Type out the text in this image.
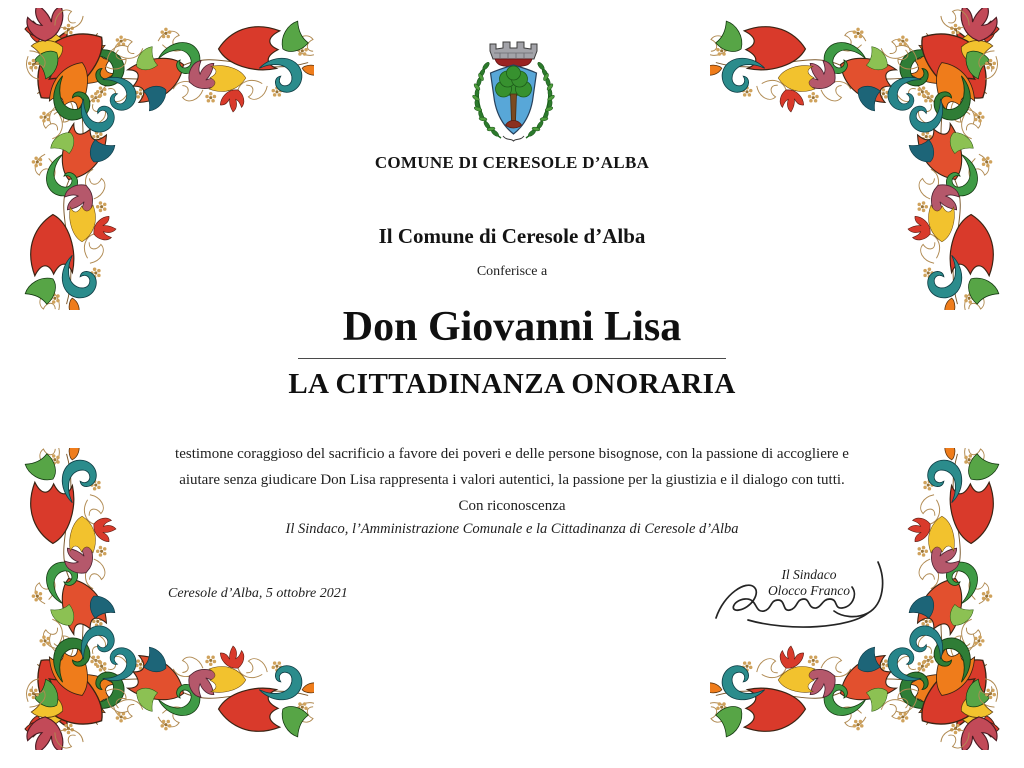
COMUNE DI CERESOLE D’ALBA
Il Comune di Ceresole d’Alba
Conferisce a
Don Giovanni Lisa
LA CITTADINANZA ONORARIA
testimone coraggioso del sacrificio a favore dei poveri e delle persone bisognose, con la passione di accogliere e
aiutare senza giudicare Don Lisa rappresenta i valori autentici, la passione per la giustizia e il dialogo con tutti.
Con riconoscenza
Il Sindaco, l’Amministrazione Comunale e la Cittadinanza di Ceresole d’Alba
Ceresole d’Alba, 5 ottobre 2021
Il Sindaco
Olocco Franco
